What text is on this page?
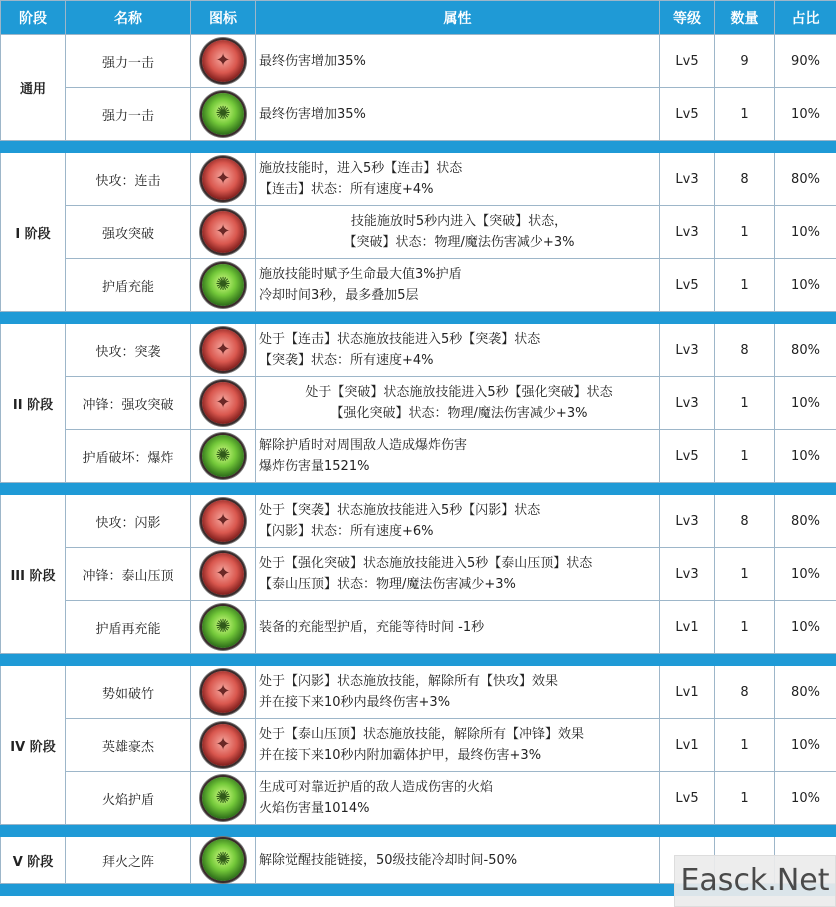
阶段	名称	图标	属性	等级	数量	占比
通用	强力一击	✦	最终伤害增加35%	Lv5	9	90%
	强力一击	✺	最终伤害增加35%	Lv5	1	10%

I 阶段	快攻：连击	✦	施放技能时，进入5秒【连击】状态
【连击】状态：所有速度+4%	Lv3	8	80%
	强攻突破	✦	技能施放时5秒内进入【突破】状态，
【突破】状态：物理/魔法伤害减少+3%	Lv3	1	10%
	护盾充能	✺	施放技能时赋予生命最大值3%护盾
冷却时间3秒，最多叠加5层	Lv5	1	10%

II 阶段	快攻：突袭	✦	处于【连击】状态施放技能进入5秒【突袭】状态
【突袭】状态：所有速度+4%	Lv3	8	80%
	冲锋：强攻突破	✦	处于【突破】状态施放技能进入5秒【强化突破】状态
【强化突破】状态：物理/魔法伤害减少+3%	Lv3	1	10%
	护盾破坏：爆炸	✺	解除护盾时对周围敌人造成爆炸伤害
爆炸伤害量1521%	Lv5	1	10%

III 阶段	快攻：闪影	✦	处于【突袭】状态施放技能进入5秒【闪影】状态
【闪影】状态：所有速度+6%	Lv3	8	80%
	冲锋：泰山压顶	✦	处于【强化突破】状态施放技能进入5秒【泰山压顶】状态
【泰山压顶】状态：物理/魔法伤害减少+3%	Lv3	1	10%
	护盾再充能	✺	装备的充能型护盾，充能等待时间 -1秒	Lv1	1	10%

IV 阶段	势如破竹	✦	处于【闪影】状态施放技能，解除所有【快攻】效果
并在接下来10秒内最终伤害+3%	Lv1	8	80%
	英雄豪杰	✦	处于【泰山压顶】状态施放技能，解除所有【冲锋】效果
并在接下来10秒内附加霸体护甲，最终伤害+3%	Lv1	1	10%
	火焰护盾	✺	生成可对靠近护盾的敌人造成伤害的火焰
火焰伤害量1014%	Lv5	1	10%

V 阶段	拜火之阵	✺	解除觉醒技能链接，50级技能冷却时间-50%			

Easck.Net
